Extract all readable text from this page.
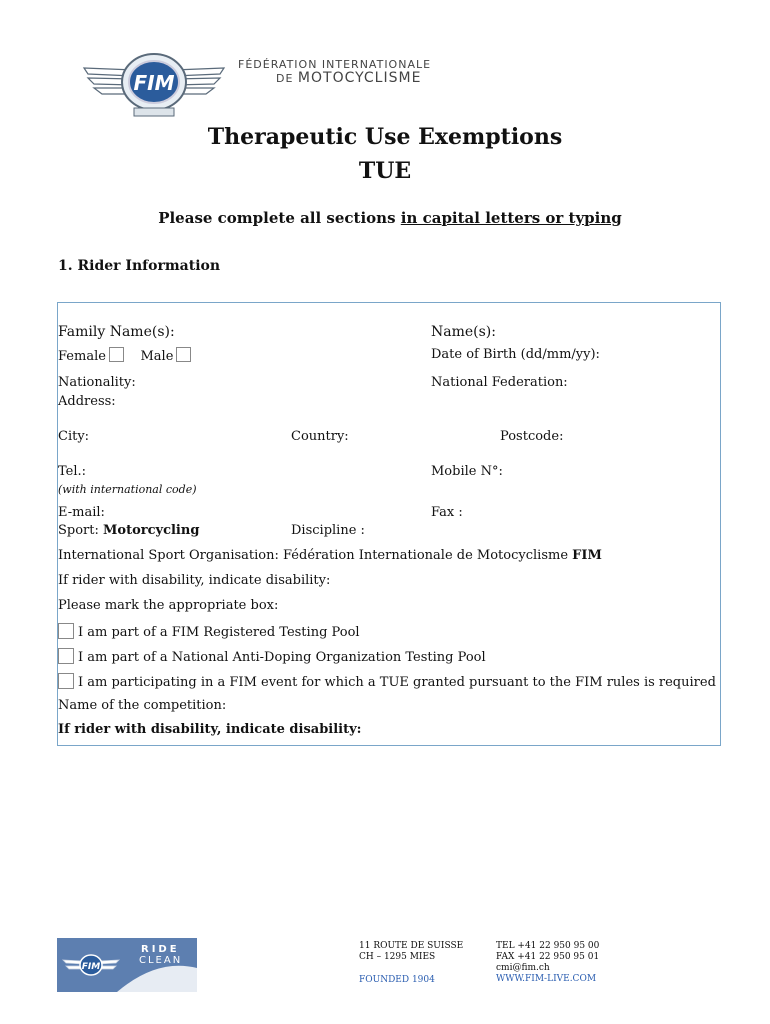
FIM
FÉDÉRATION INTERNATIONALE
DE MOTOCYCLISME
Therapeutic Use Exemptions
TUE
Please complete all sections in capital letters or typing
1. Rider Information
Family Name(s):	Name(s):
Female	Male	Date of Birth (dd/mm/yy):
Nationality:	National Federation:
Address:
City:	Country:	Postcode:
Tel.:
(with international code)
Mobile N°:
E-mail:	Fax :
Sport: Motorcycling	Discipline :
International Sport Organisation: Fédération Internationale de Motocyclisme FIM
If rider with disability, indicate disability:
Please mark the appropriate box:
I am part of a FIM Registered Testing Pool
I am part of a National Anti-Doping Organization Testing Pool
I am participating in a FIM event for which a TUE granted pursuant to the FIM rules is required
Name of the competition:
If rider with disability, indicate disability:
FIM
RIDE
CLEAN
11 ROUTE DE SUISSE
CH – 1295 MIES
FOUNDED 1904
TEL +41 22 950 95 00
FAX +41 22 950 95 01
cmi@fim.ch
WWW.FIM-LIVE.COM
